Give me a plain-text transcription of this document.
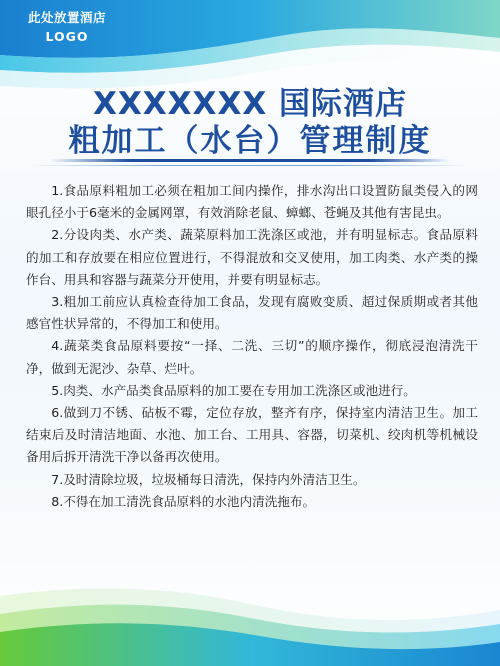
此处放置酒店
LOGO
XXXXXXX 国际酒店
粗加工（水台）管理制度

1.食品原料粗加工必须在粗加工间内操作，排水沟出口设置防鼠类侵入的网眼孔径小于6毫米的金属网罩，有效消除老鼠、蟑螂、苍蝇及其他有害昆虫。

2.分设肉类、水产类、蔬菜原料加工洗涤区或池，并有明显标志。食品原料的加工和存放要在相应位置进行，不得混放和交叉使用，加工肉类、水产类的操作台、用具和容器与蔬菜分开使用，并要有明显标志。

3.粗加工前应认真检查待加工食品，发现有腐败变质、超过保质期或者其他感官性状异常的，不得加工和使用。

4.蔬菜类食品原料要按“一择、二洗、三切”的顺序操作，彻底浸泡清洗干净，做到无泥沙、杂草、烂叶。

5.肉类、水产品类食品原料的加工要在专用加工洗涤区或池进行。

6.做到刀不锈、砧板不霉，定位存放，整齐有序，保持室内清洁卫生。加工结束后及时清洁地面、水池、加工台、工用具、容器，切菜机、绞肉机等机械设备用后拆开清洗干净以备再次使用。

7.及时清除垃圾，垃圾桶每日清洗，保持内外清洁卫生。

8.不得在加工清洗食品原料的水池内清洗拖布。
